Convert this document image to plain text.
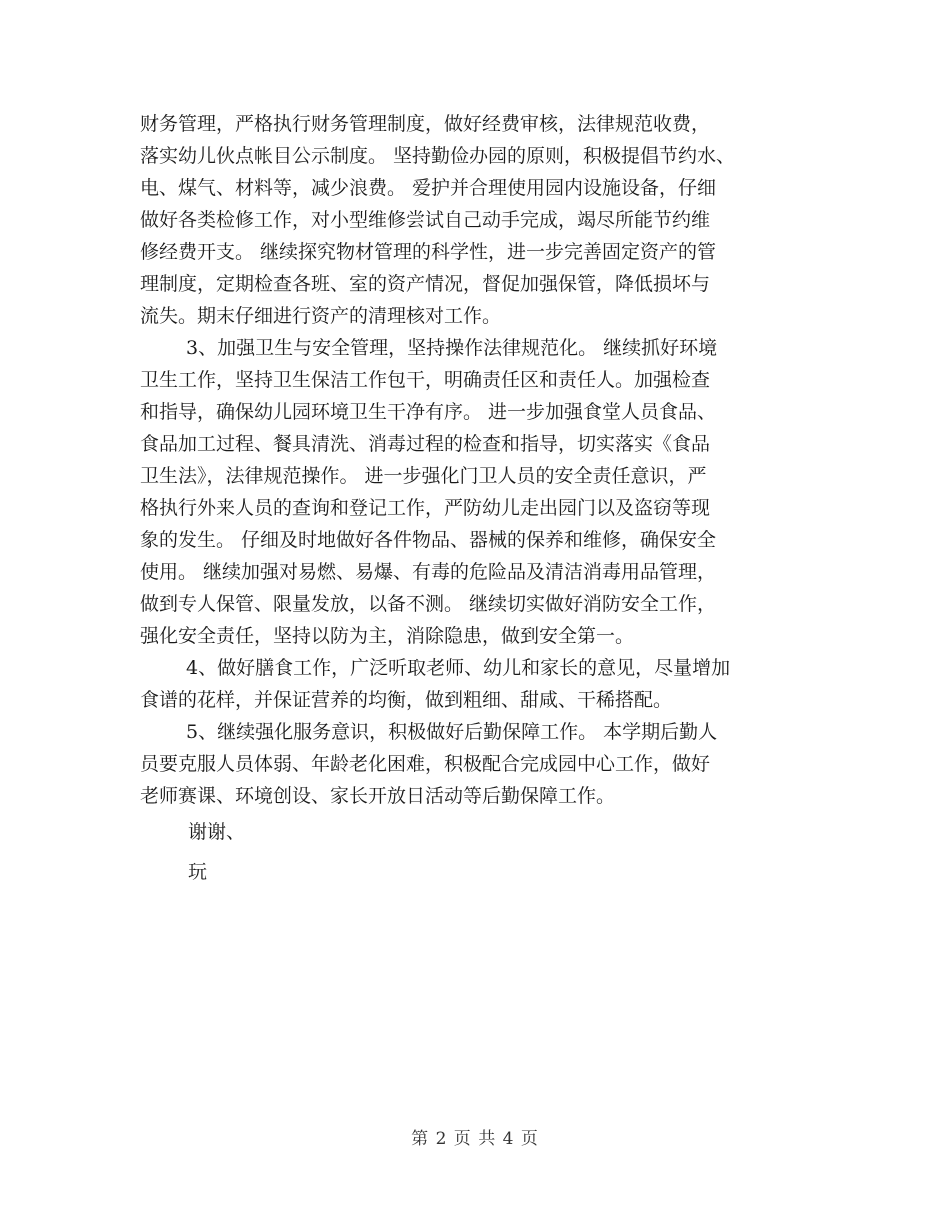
财务管理，严格执行财务管理制度，做好经费审核，法律规范收费，
落实幼儿伙点帐目公示制度。 坚持勤俭办园的原则，积极提倡节约水、
电、煤气、材料等，减少浪费。 爱护并合理使用园内设施设备，仔细
做好各类检修工作，对小型维修尝试自己动手完成，竭尽所能节约维
修经费开支。 继续探究物材管理的科学性，进一步完善固定资产的管
理制度，定期检查各班、室的资产情况，督促加强保管，降低损坏与
流失。期末仔细进行资产的清理核对工作。
3、加强卫生与安全管理，坚持操作法律规范化。 继续抓好环境
卫生工作，坚持卫生保洁工作包干，明确责任区和责任人。加强检查
和指导，确保幼儿园环境卫生干净有序。 进一步加强食堂人员食品、
食品加工过程、餐具清洗、消毒过程的检查和指导，切实落实《食品
卫生法》，法律规范操作。 进一步强化门卫人员的安全责任意识，严
格执行外来人员的查询和登记工作，严防幼儿走出园门以及盗窃等现
象的发生。 仔细及时地做好各件物品、器械的保养和维修，确保安全
使用。 继续加强对易燃、易爆、有毒的危险品及清洁消毒用品管理，
做到专人保管、限量发放，以备不测。 继续切实做好消防安全工作，
强化安全责任，坚持以防为主，消除隐患，做到安全第一。
4、做好膳食工作，广泛听取老师、幼儿和家长的意见，尽量增加
食谱的花样，并保证营养的均衡，做到粗细、甜咸、干稀搭配。
5、继续强化服务意识，积极做好后勤保障工作。 本学期后勤人
员要克服人员体弱、年龄老化困难，积极配合完成园中心工作，做好
老师赛课、环境创设、家长开放日活动等后勤保障工作。
谢谢、
玩
第 2 页 共 4 页
